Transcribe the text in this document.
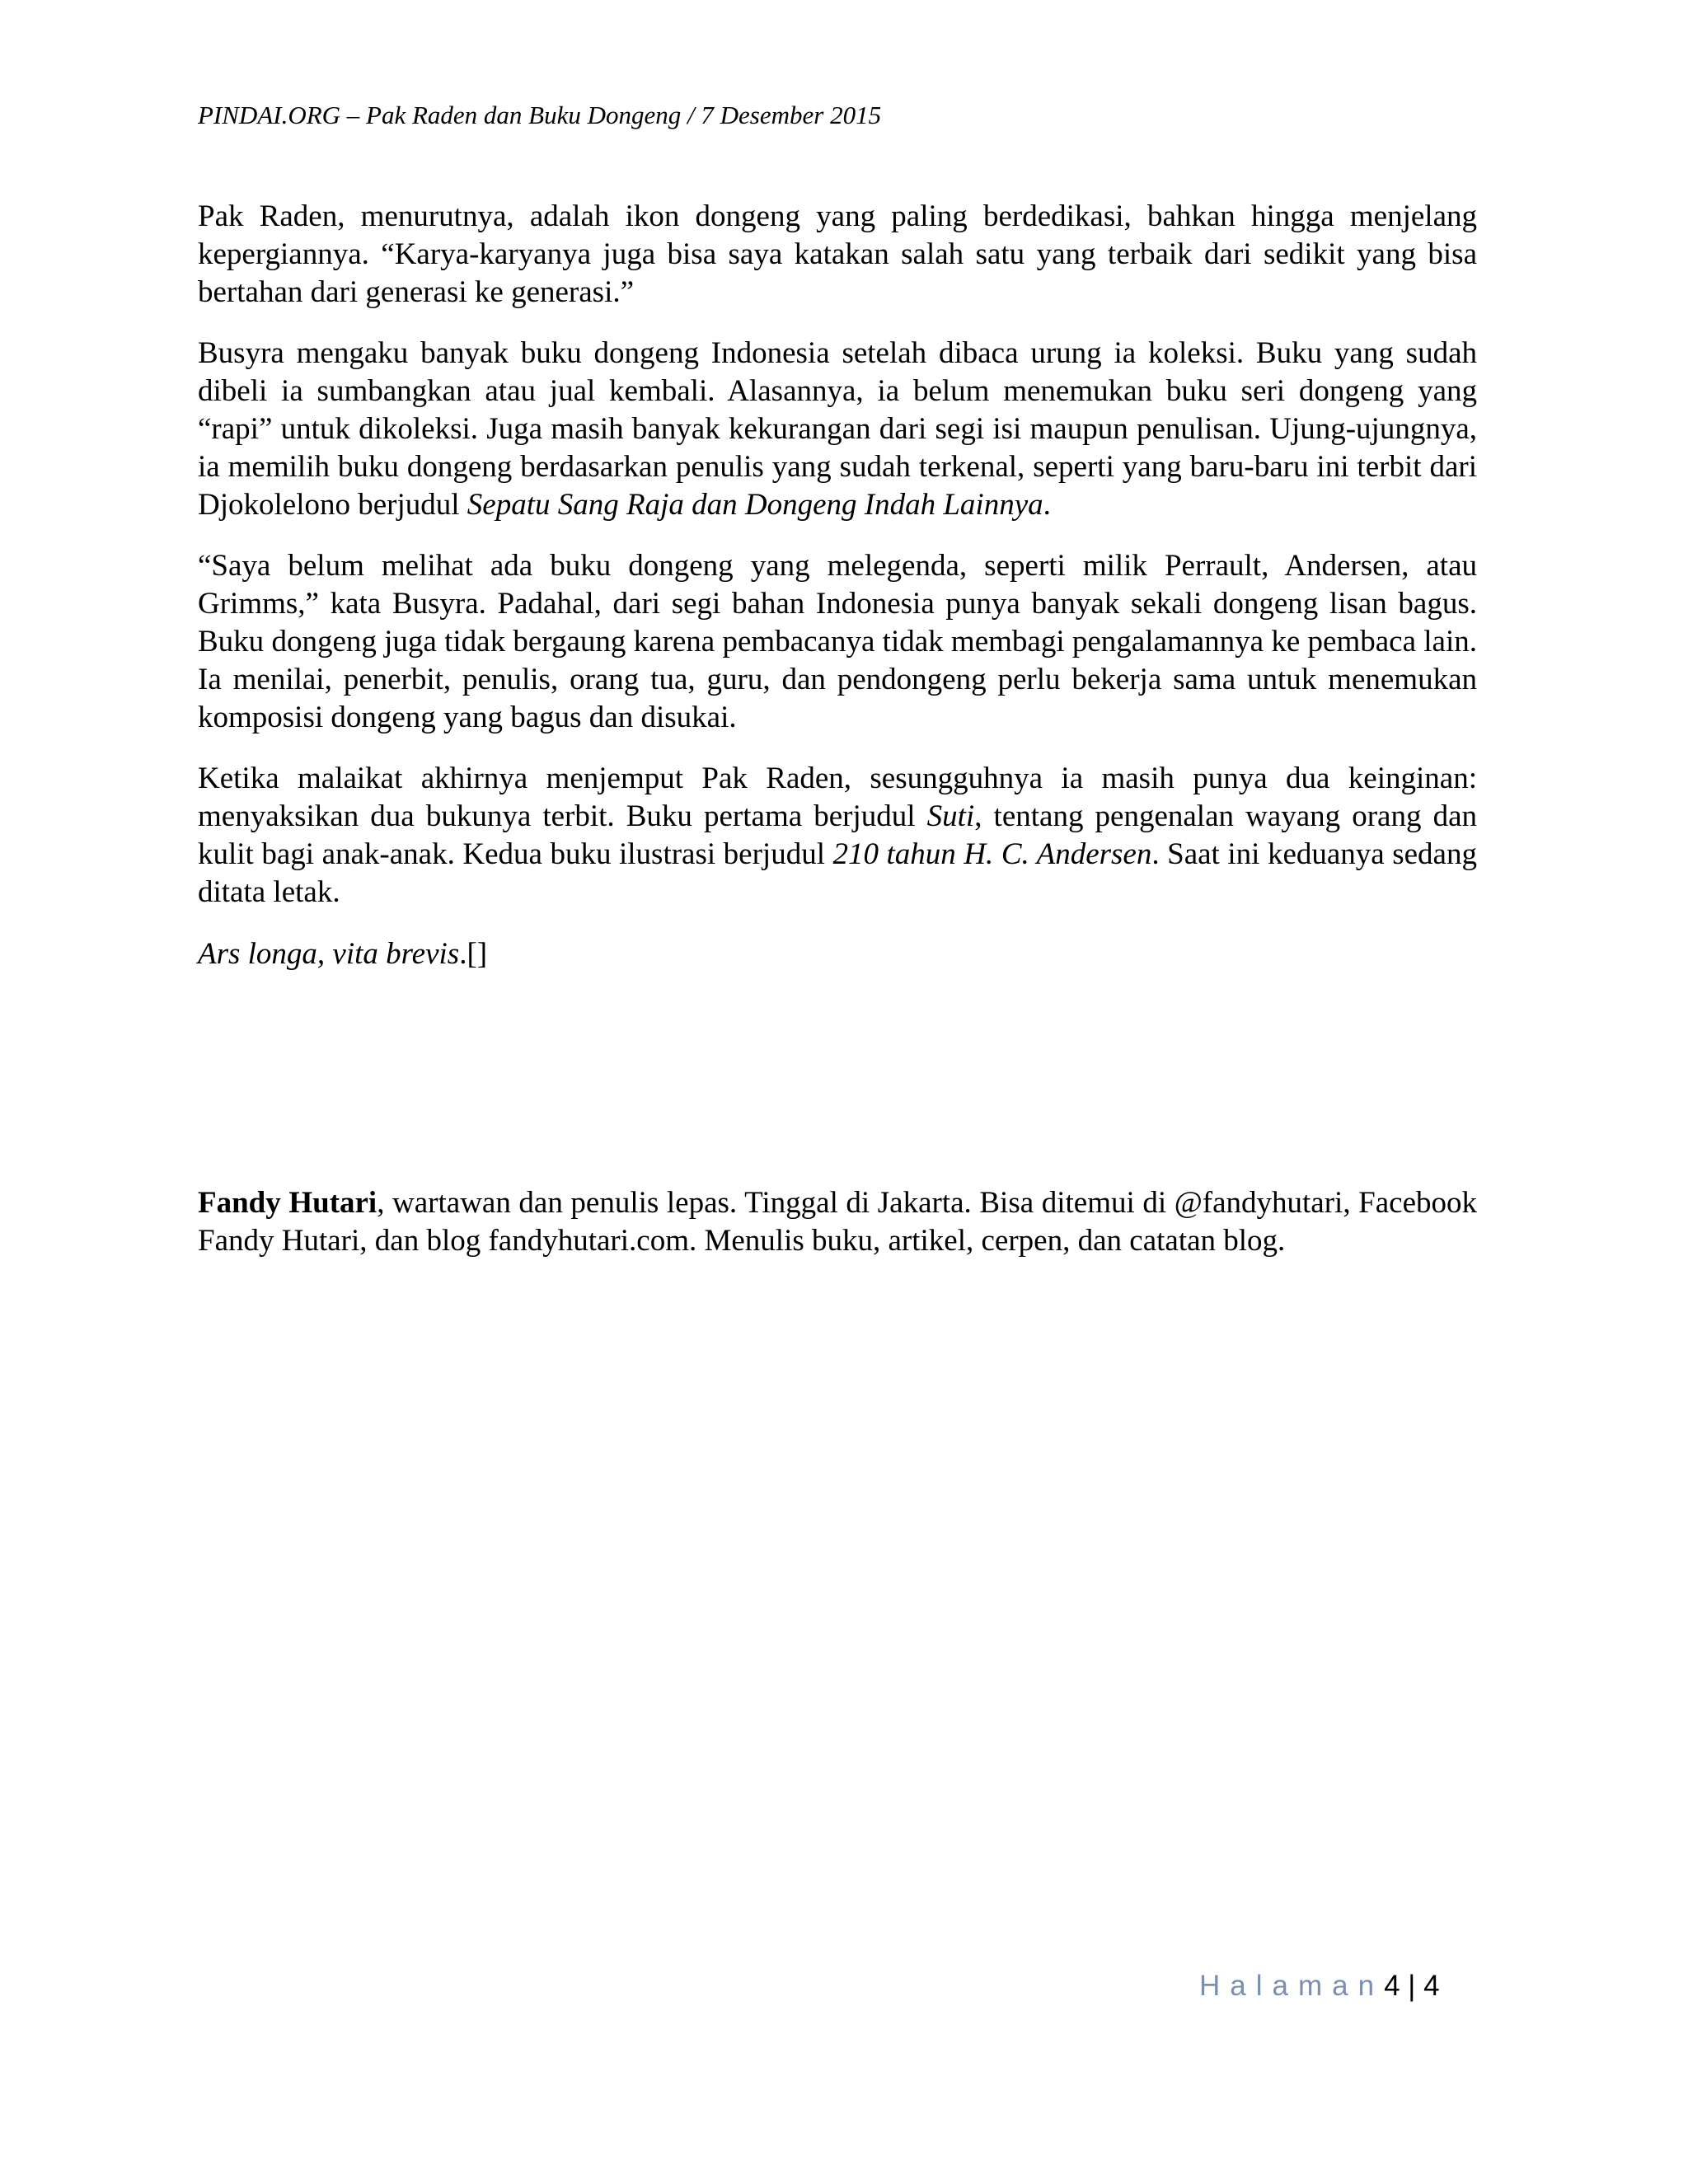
PINDAI.ORG – Pak Raden dan Buku Dongeng / 7 Desember 2015

Pak Raden, menurutnya, adalah ikon dongeng yang paling berdedikasi, bahkan hingga menjelang kepergiannya. “Karya-karyanya juga bisa saya katakan salah satu yang terbaik dari sedikit yang bisa bertahan dari generasi ke generasi.”

Busyra mengaku banyak buku dongeng Indonesia setelah dibaca urung ia koleksi. Buku yang sudah dibeli ia sumbangkan atau jual kembali. Alasannya, ia belum menemukan buku seri dongeng yang “rapi” untuk dikoleksi. Juga masih banyak kekurangan dari segi isi maupun penulisan. Ujung-ujungnya, ia memilih buku dongeng berdasarkan penulis yang sudah terkenal, seperti yang baru-baru ini terbit dari Djokolelono berjudul Sepatu Sang Raja dan Dongeng Indah Lainnya.

“Saya belum melihat ada buku dongeng yang melegenda, seperti milik Perrault, Andersen, atau Grimms,” kata Busyra. Padahal, dari segi bahan Indonesia punya banyak sekali dongeng lisan bagus. Buku dongeng juga tidak bergaung karena pembacanya tidak membagi pengalamannya ke pembaca lain. Ia menilai, penerbit, penulis, orang tua, guru, dan pendongeng perlu bekerja sama untuk menemukan komposisi dongeng yang bagus dan disukai.

Ketika malaikat akhirnya menjemput Pak Raden, sesungguhnya ia masih punya dua keinginan: menyaksikan dua bukunya terbit. Buku pertama berjudul Suti, tentang pengenalan wayang orang dan kulit bagi anak-anak. Kedua buku ilustrasi berjudul 210 tahun H. C. Andersen. Saat ini keduanya sedang ditata letak.

Ars longa, vita brevis.[]

Fandy Hutari, wartawan dan penulis lepas. Tinggal di Jakarta. Bisa ditemui di @fandyhutari, Facebook Fandy Hutari, dan blog fandyhutari.com. Menulis buku, artikel, cerpen, dan catatan blog.

Halaman4 | 4
